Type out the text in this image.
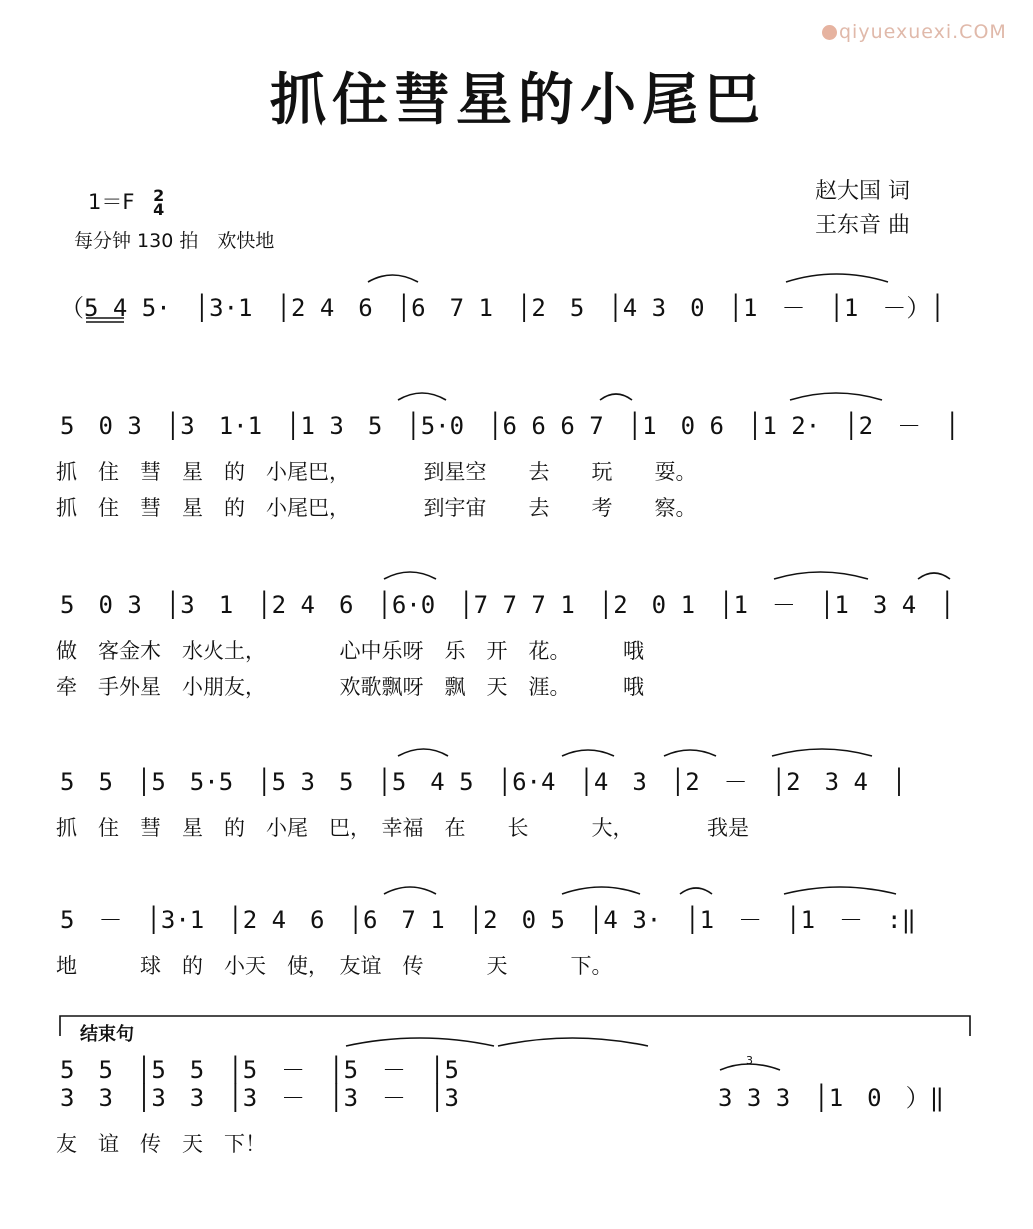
qiyuexuexi.COM
抓住彗星的小尾巴
1＝F 2
4
每分钟 130 拍　欢快地
赵大国 词
王东音 曲
（5 4 5·　│3·1　│2 4　6　│6　7 1　│2　5　│4 3　0　│1　－　│1　－）│
5　0 3　│3　1·1　│1 3　5　│5·0　│6 6 6 7　│1　0 6　│1 2·　│2　－　│
抓　住　彗　星　的　小尾巴，　　　　到星空　　去　　玩　　耍。
抓　住　彗　星　的　小尾巴，　　　　到宇宙　　去　　考　　察。
5　0 3　│3　1　│2 4　6　│6·0　│7 7 7 1　│2　0 1　│1　－　│1　3 4　│
做　客金木　水火土，　　　　心中乐呀　乐　开　花。　　　哦
牵　手外星　小朋友，　　　　欢歌飘呀　飘　天　涯。　　　哦
5　5　│5　5·5　│5 3　5　│5　4 5　│6·4　│4　3　│2　－　│2　3 4　│
抓　住　彗　星　的　小尾　巴，　幸福　在　　长　　　大，　　　　我是
5　－　│3·1　│2 4　6　│6　7 1　│2　0 5　│4 3·　│1　－　│1　－　:‖
地　　　球　的　小天　使，　友谊　传　　　天　　　下。
结束句
5　5　│5　5　│5　－　│5　－　│5
3　3　│3　3　│3　－　│3　－　│3
3
3 3 3　│1　0　）‖
友　谊　传　天　下！
